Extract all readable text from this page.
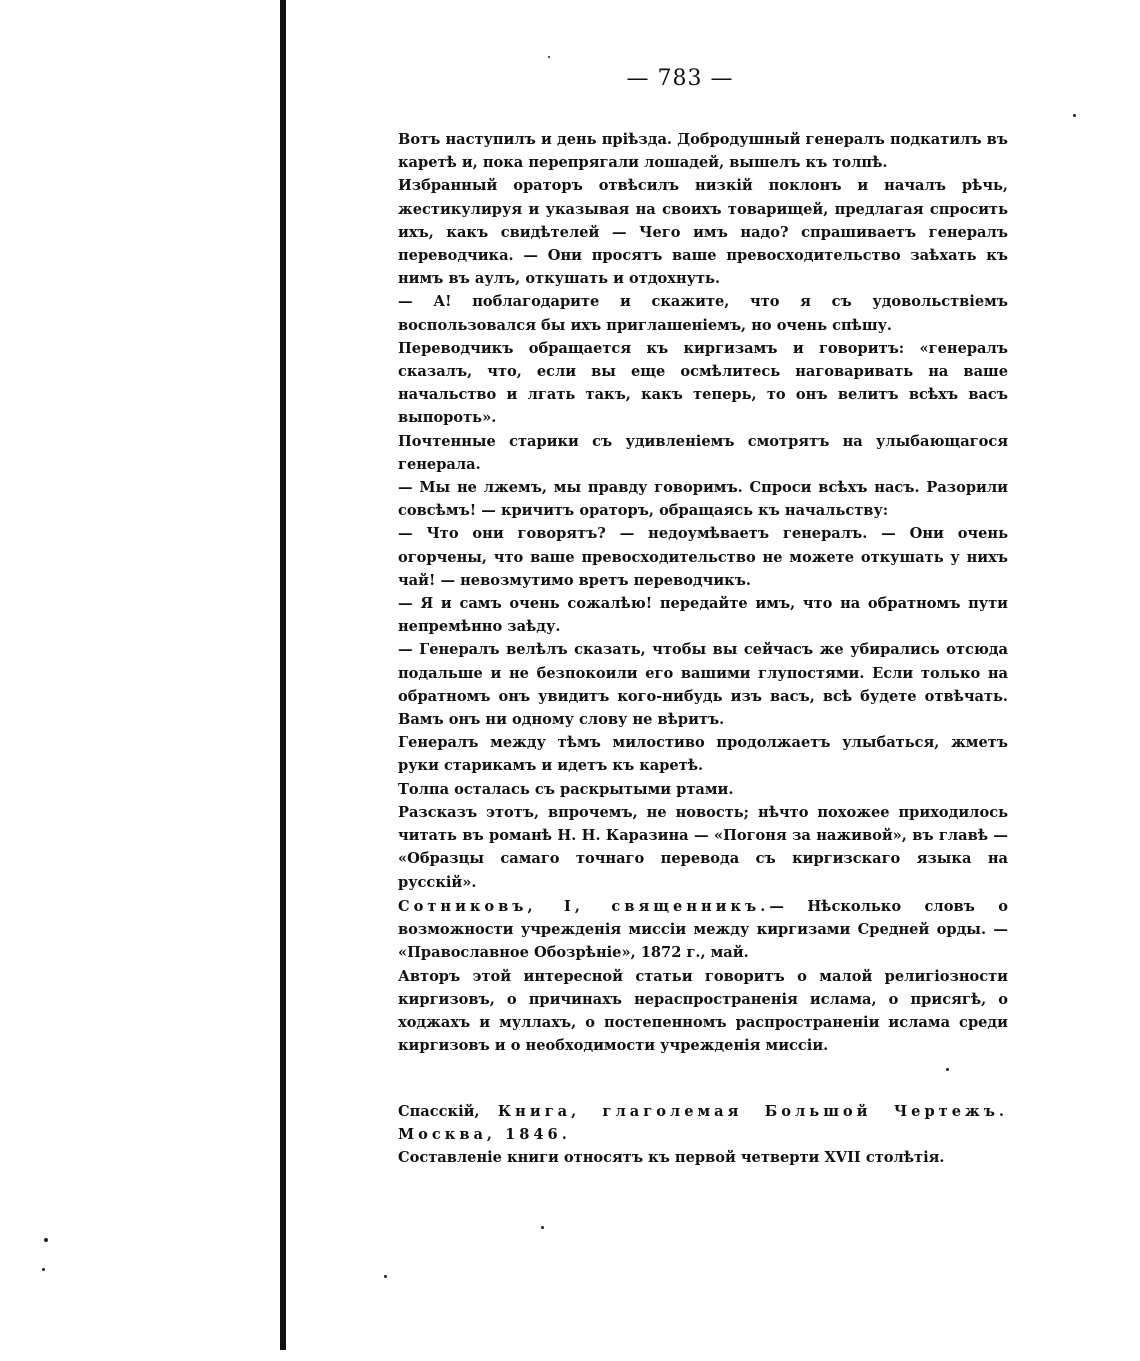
— 783 —

Вотъ наступилъ и день пріѣзда. Добродушный генералъ подкатилъ въ каретѣ и, пока перепрягали лошадей, вышелъ къ толпѣ.

Избранный ораторъ отвѣсилъ низкій поклонъ и началъ рѣчь, жестикулируя и указывая на своихъ товарищей, предлагая спросить ихъ, какъ свидѣтелей — Чего имъ надо? спрашиваетъ генералъ переводчика. — Они просятъ ваше превосходительство заѣхать къ нимъ въ аулъ, откушать и отдохнуть.

— А! поблагодарите и скажите, что я съ удовольствіемъ воспользовался бы ихъ приглашеніемъ, но очень спѣшу.

Переводчикъ обращается къ киргизамъ и говоритъ: «генералъ сказалъ, что, если вы еще осмѣлитесь наговаривать на ваше начальство и лгать такъ, какъ теперь, то онъ велитъ всѣхъ васъ выпороть».

Почтенные старики съ удивленіемъ смотрятъ на улыбающагося генерала.

— Мы не лжемъ, мы правду говоримъ. Спроси всѣхъ насъ. Разорили совсѣмъ! — кричитъ ораторъ, обращаясь къ начальству:

— Что они говорятъ? — недоумѣваетъ генералъ. — Они очень огорчены, что ваше превосходительство не можете откушать у нихъ чай! — невозмутимо вретъ переводчикъ.

— Я и самъ очень сожалѣю! передайте имъ, что на обратномъ пути непремѣнно заѣду.

— Генералъ велѣлъ сказать, чтобы вы сейчасъ же убирались отсюда подальше и не безпокоили его вашими глупостями. Если только на обратномъ онъ увидитъ кого-нибудь изъ васъ, всѣ будете отвѣчать. Вамъ онъ ни одному слову не вѣритъ.

Генералъ между тѣмъ милостиво продолжаетъ улыбаться, жметъ руки старикамъ и идетъ къ каретѣ.

Толпа осталась съ раскрытыми ртами.

Разсказъ этотъ, впрочемъ, не новость; нѣчто похожее приходилось читать въ романѣ Н. Н. Каразина — «Погоня за наживой», въ главѣ — «Образцы самаго точнаго перевода съ киргизскаго языка на русскій».

Сотниковъ, I, священникъ.— Нѣсколько словъ о возможности учрежденія миссіи между киргизами Средней орды. — «Православное Обозрѣніе», 1872 г., май.

Авторъ этой интересной статьи говоритъ о малой религіозности киргизовъ, о причинахъ нераспространенія ислама, о присягѣ, о ходжахъ и муллахъ, о постепенномъ распространеніи ислама среди киргизовъ и о необходимости учрежденія миссіи.

Спасскій, Книга, глаголемая Большой Чертежъ. Москва, 1846.

Составленіе книги относятъ къ первой четверти XVII столѣтія.
